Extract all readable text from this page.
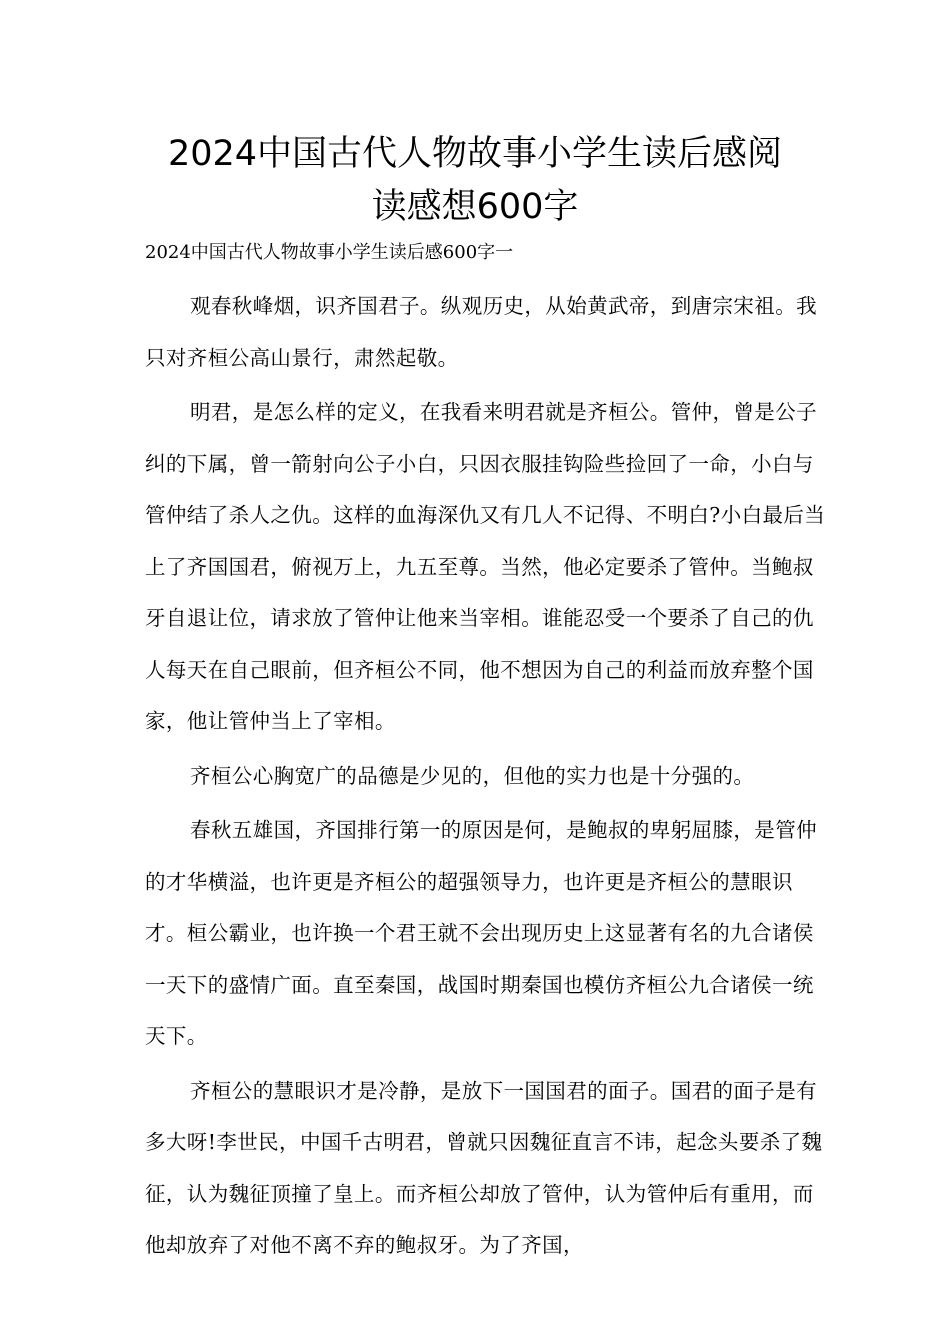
2024中国古代人物故事小学生读后感阅
读感想600字
2024中国古代人物故事小学生读后感600字一

观春秋峰烟，识齐国君子。纵观历史，从始黄武帝，到唐宗宋祖。我只对齐桓公高山景行，肃然起敬。

明君，是怎么样的定义，在我看来明君就是齐桓公。管仲，曾是公子纠的下属，曾一箭射向公子小白，只因衣服挂钩险些捡回了一命，小白与管仲结了杀人之仇。这样的血海深仇又有几人不记得、不明白?小白最后当上了齐国国君，俯视万上，九五至尊。当然，他必定要杀了管仲。当鲍叔牙自退让位，请求放了管仲让他来当宰相。谁能忍受一个要杀了自己的仇人每天在自己眼前，但齐桓公不同，他不想因为自己的利益而放弃整个国家，他让管仲当上了宰相。

齐桓公心胸宽广的品德是少见的，但他的实力也是十分强的。

春秋五雄国，齐国排行第一的原因是何，是鲍叔的卑躬屈膝，是管仲的才华横溢，也许更是齐桓公的超强领导力，也许更是齐桓公的慧眼识才。桓公霸业，也许换一个君王就不会出现历史上这显著有名的九合诸侯一天下的盛情广面。直至秦国，战国时期秦国也模仿齐桓公九合诸侯一统天下。

齐桓公的慧眼识才是冷静，是放下一国国君的面子。国君的面子是有多大呀!李世民，中国千古明君，曾就只因魏征直言不讳，起念头要杀了魏征，认为魏征顶撞了皇上。而齐桓公却放了管仲，认为管仲后有重用，而他却放弃了对他不离不弃的鲍叔牙。为了齐国，
